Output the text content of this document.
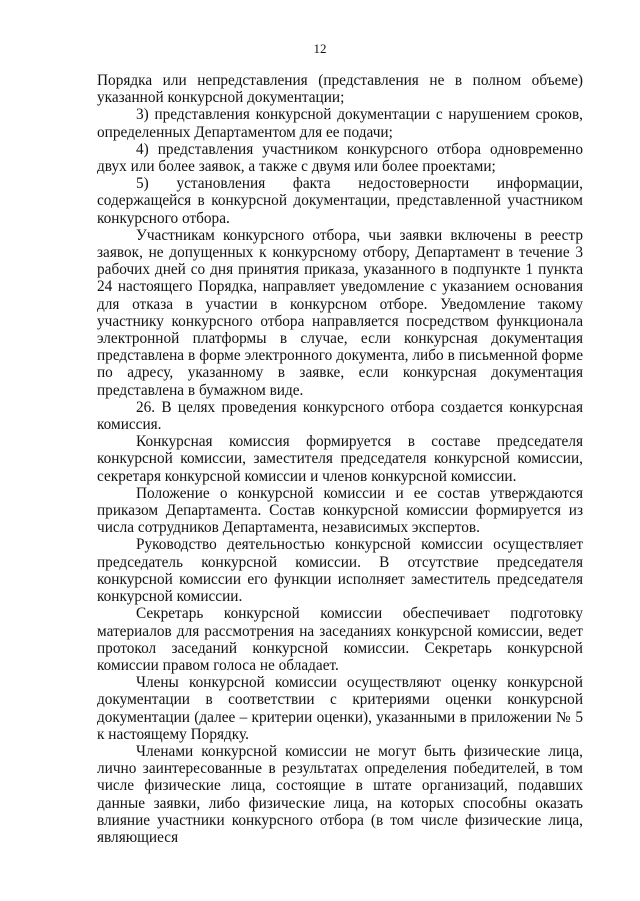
12

Порядка или непредставления (представления не в полном объеме) указанной конкурсной документации;

3) представления конкурсной документации с нарушением сроков, определенных Департаментом для ее подачи;

4) представления участником конкурсного отбора одновременно двух или более заявок, а также с двумя или более проектами;

5) установления факта недостоверности информации, содержащейся в конкурсной документации, представленной участником конкурсного отбора.

Участникам конкурсного отбора, чьи заявки включены в реестр заявок, не допущенных к конкурсному отбору, Департамент в течение 3 рабочих дней со дня принятия приказа, указанного в подпункте 1 пункта 24 настоящего Порядка, направляет уведомление с указанием основания для отказа в участии в конкурсном отборе. Уведомление такому участнику конкурсного отбора направляется посредством функционала электронной платформы в случае, если конкурсная документация представлена в форме электронного документа, либо в письменной форме по адресу, указанному в заявке, если конкурсная документация представлена в бумажном виде.

26. В целях проведения конкурсного отбора создается конкурсная комиссия.

Конкурсная комиссия формируется в составе председателя конкурсной комиссии, заместителя председателя конкурсной комиссии, секретаря конкурсной комиссии и членов конкурсной комиссии.

Положение о конкурсной комиссии и ее состав утверждаются приказом Департамента. Состав конкурсной комиссии формируется из числа сотрудников Департамента, независимых экспертов.

Руководство деятельностью конкурсной комиссии осуществляет председатель конкурсной комиссии. В отсутствие председателя конкурсной комиссии его функции исполняет заместитель председателя конкурсной комиссии.

Секретарь конкурсной комиссии обеспечивает подготовку материалов для рассмотрения на заседаниях конкурсной комиссии, ведет протокол заседаний конкурсной комиссии. Секретарь конкурсной комиссии правом голоса не обладает.

Члены конкурсной комиссии осуществляют оценку конкурсной документации в соответствии с критериями оценки конкурсной документации (далее – критерии оценки), указанными в приложении № 5 к настоящему Порядку.

Членами конкурсной комиссии не могут быть физические лица, лично заинтересованные в результатах определения победителей, в том числе физические лица, состоящие в штате организаций, подавших данные заявки, либо физические лица, на которых способны оказать влияние участники конкурсного отбора (в том числе физические лица, являющиеся
